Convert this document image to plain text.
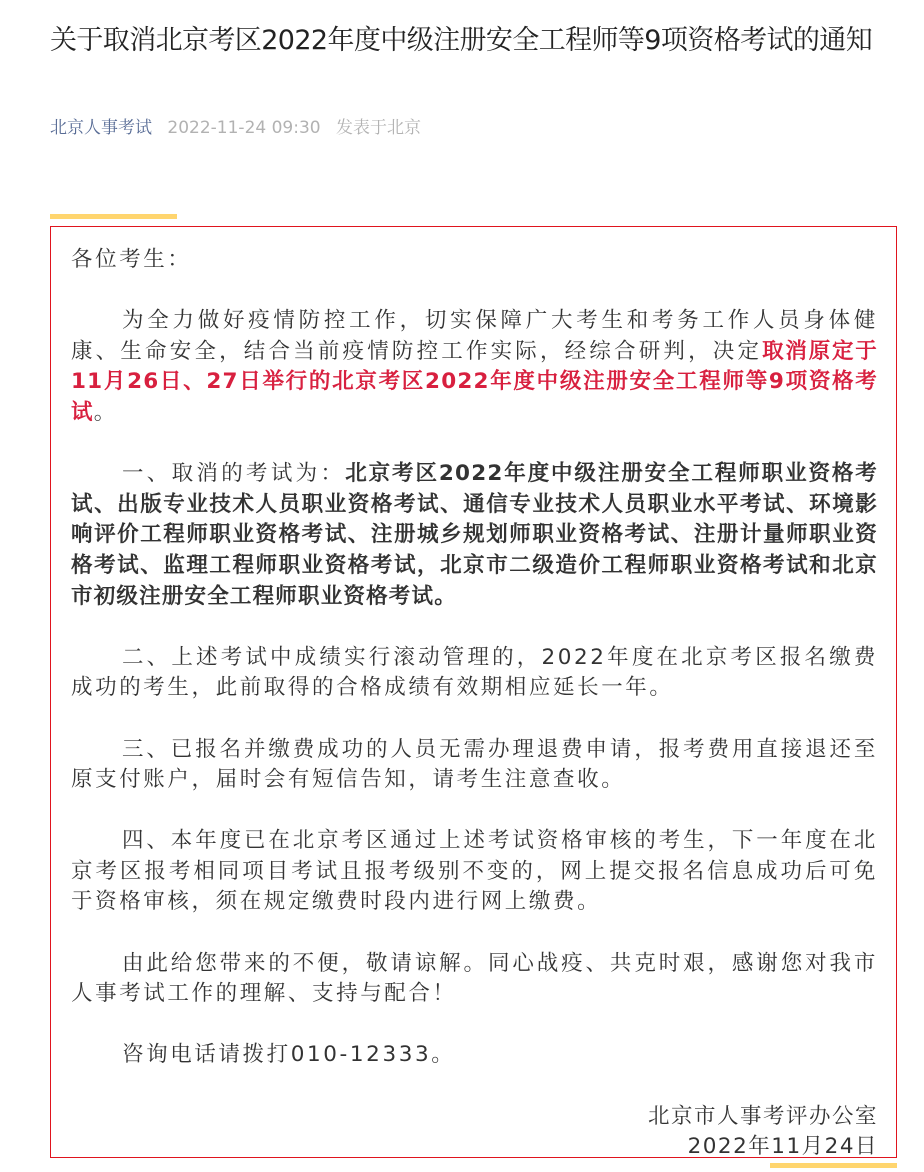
关于取消北京考区2022年度中级注册安全工程师等9项资格考试的通知
北京人事考试 2022-11-24 09:30 发表于北京

各位考生：

为全力做好疫情防控工作，切实保障广大考生和考务工作人员身体健康、生命安全，结合当前疫情防控工作实际，经综合研判，决定取消原定于11月26日、27日举行的北京考区2022年度中级注册安全工程师等9项资格考试。

一、取消的考试为：北京考区2022年度中级注册安全工程师职业资格考试、出版专业技术人员职业资格考试、通信专业技术人员职业水平考试、环境影响评价工程师职业资格考试、注册城乡规划师职业资格考试、注册计量师职业资格考试、监理工程师职业资格考试，北京市二级造价工程师职业资格考试和北京市初级注册安全工程师职业资格考试。

二、上述考试中成绩实行滚动管理的，2022年度在北京考区报名缴费成功的考生，此前取得的合格成绩有效期相应延长一年。

三、已报名并缴费成功的人员无需办理退费申请，报考费用直接退还至原支付账户，届时会有短信告知，请考生注意查收。

四、本年度已在北京考区通过上述考试资格审核的考生，下一年度在北京考区报考相同项目考试且报考级别不变的，网上提交报名信息成功后可免于资格审核，须在规定缴费时段内进行网上缴费。

由此给您带来的不便，敬请谅解。同心战疫、共克时艰，感谢您对我市人事考试工作的理解、支持与配合！

咨询电话请拨打010-12333。

北京市人事考评办公室

2022年11月24日
